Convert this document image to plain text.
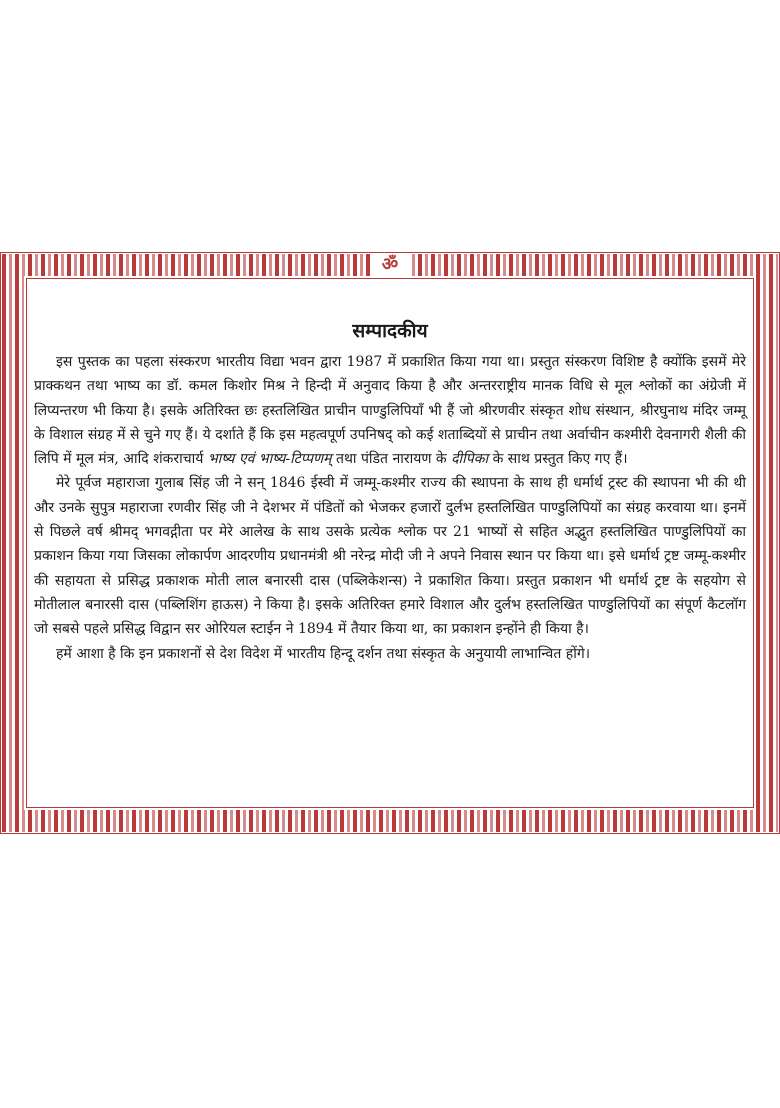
ॐ
सम्पादकीय

इस पुस्तक का पहला संस्करण भारतीय विद्या भवन द्वारा 1987 में प्रकाशित किया गया था। प्रस्तुत संस्करण विशिष्ट है क्योंकि इसमें मेरे प्राक्कथन तथा भाष्य का डॉ. कमल किशोर मिश्र ने हिन्दी में अनुवाद किया है और अन्तरराष्ट्रीय मानक विधि से मूल श्लोकों का अंग्रेजी में लिप्यन्तरण भी किया है। इसके अतिरिक्त छः हस्तलिखित प्राचीन पाण्डुलिपियाँ भी हैं जो श्रीरणवीर संस्कृत शोध संस्थान, श्रीरघुनाथ मंदिर जम्मू के विशाल संग्रह में से चुने गए हैं। ये दर्शाते हैं कि इस महत्वपूर्ण उपनिषद् को कई शताब्दियों से प्राचीन तथा अर्वाचीन कश्मीरी देवनागरी शैली की लिपि में मूल मंत्र, आदि शंकराचार्य भाष्य एवं भाष्य-टिप्पणम् तथा पंडित नारायण के दीपिका के साथ प्रस्तुत किए गए हैं।

मेरे पूर्वज महाराजा गुलाब सिंह जी ने सन् 1846 ईस्वी में जम्मू-कश्मीर राज्य की स्थापना के साथ ही धर्मार्थ ट्रस्ट की स्थापना भी की थी और उनके सुपुत्र महाराजा रणवीर सिंह जी ने देशभर में पंडितों को भेजकर हजारों दुर्लभ हस्तलिखित पाण्डुलिपियों का संग्रह करवाया था। इनमें से पिछले वर्ष श्रीमद् भगवद्गीता पर मेरे आलेख के साथ उसके प्रत्येक श्लोक पर 21 भाष्यों से सहित अद्भुत हस्तलिखित पाण्डुलिपियों का प्रकाशन किया गया जिसका लोकार्पण आदरणीय प्रधानमंत्री श्री नरेन्द्र मोदी जी ने अपने निवास स्थान पर किया था। इसे धर्मार्थ ट्रष्ट जम्मू-कश्मीर की सहायता से प्रसिद्ध प्रकाशक मोती लाल बनारसी दास (पब्लिकेशन्स) ने प्रकाशित किया। प्रस्तुत प्रकाशन भी धर्मार्थ ट्रष्ट के सहयोग से मोतीलाल बनारसी दास (पब्लिशिंग हाऊस) ने किया है। इसके अतिरिक्त हमारे विशाल और दुर्लभ हस्तलिखित पाण्डुलिपियों का संपूर्ण कैटलॉग जो सबसे पहले प्रसिद्ध विद्वान सर ओरियल स्टाईन ने 1894 में तैयार किया था, का प्रकाशन इन्होंने ही किया है।

हमें आशा है कि इन प्रकाशनों से देश विदेश में भारतीय हिन्दू दर्शन तथा संस्कृत के अनुयायी लाभान्वित होंगे।
